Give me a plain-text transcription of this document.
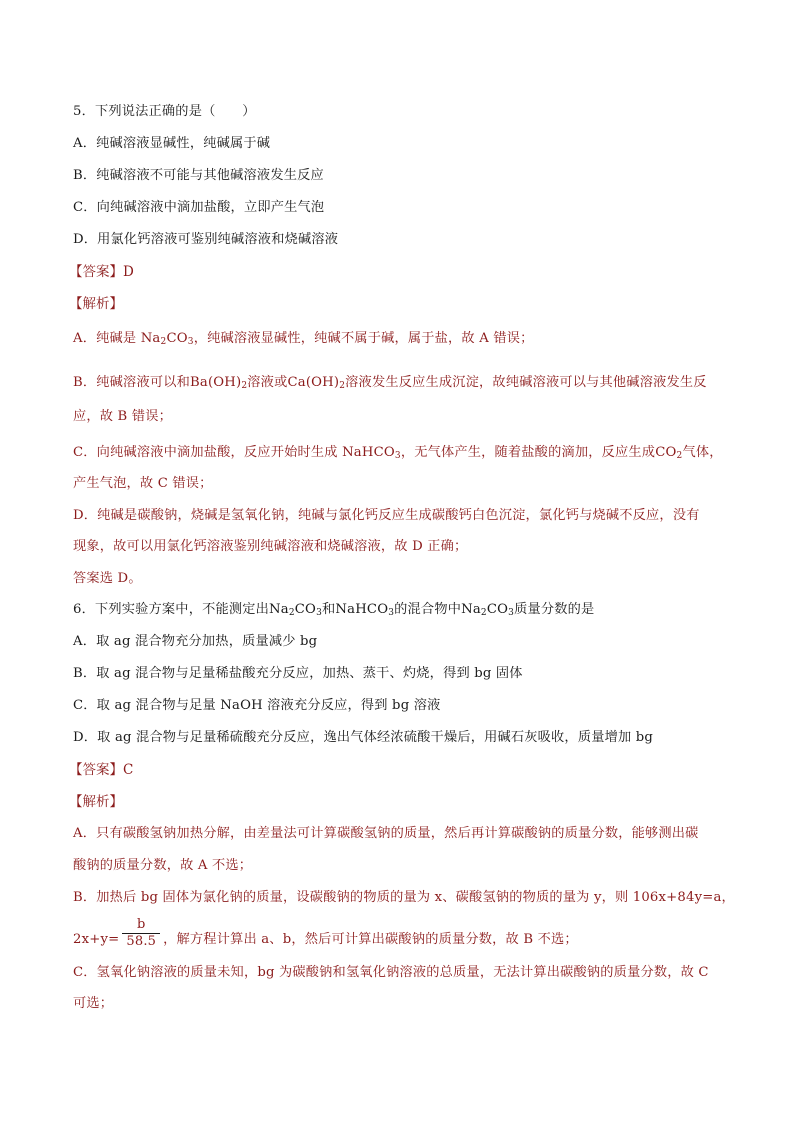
5．下列说法正确的是（　　）
A．纯碱溶液显碱性，纯碱属于碱
B．纯碱溶液不可能与其他碱溶液发生反应
C．向纯碱溶液中滴加盐酸，立即产生气泡
D．用氯化钙溶液可鉴别纯碱溶液和烧碱溶液
【答案】D
【解析】
A．纯碱是 $Na_2CO_3$，纯碱溶液显碱性，纯碱不属于碱，属于盐，故 A 错误；
B．纯碱溶液可以和$Ba(OH)_2$溶液或$Ca(OH)_2$溶液发生反应生成沉淀，故纯碱溶液可以与其他碱溶液发生反
应，故 B 错误；
C．向纯碱溶液中滴加盐酸，反应开始时生成 NaHCO$_3$，无气体产生，随着盐酸的滴加，反应生成$CO_2$气体，
产生气泡，故 C 错误；
D．纯碱是碳酸钠，烧碱是氢氧化钠，纯碱与氯化钙反应生成碳酸钙白色沉淀，氯化钙与烧碱不反应，没有
现象，故可以用氯化钙溶液鉴别纯碱溶液和烧碱溶液，故 D 正确；
答案选 D。
6．下列实验方案中，不能测定出$Na_2CO_3$和NaHCO$_3$的混合物中$Na_2CO_3$质量分数的是
A．取 ag 混合物充分加热，质量减少 bg
B．取 ag 混合物与足量稀盐酸充分反应，加热、蒸干、灼烧，得到 bg 固体
C．取 ag 混合物与足量 NaOH 溶液充分反应，得到 bg 溶液
D．取 ag 混合物与足量稀硫酸充分反应，逸出气体经浓硫酸干燥后，用碱石灰吸收，质量增加 bg
【答案】C
【解析】
A．只有碳酸氢钠加热分解，由差量法可计算碳酸氢钠的质量，然后再计算碳酸钠的质量分数，能够测出碳
酸钠的质量分数，故 A 不选；
B．加热后 bg 固体为氯化钠的质量，设碳酸钠的物质的量为 x、碳酸氢钠的物质的量为 y，则 106x+84y=a，
$2x+y= \frac{b}{58.5}$ ，解方程计算出 a、b，然后可计算出碳酸钠的质量分数，故 B 不选；
C．氢氧化钠溶液的质量未知，bg 为碳酸钠和氢氧化钠溶液的总质量，无法计算出碳酸钠的质量分数，故 C
可选；
